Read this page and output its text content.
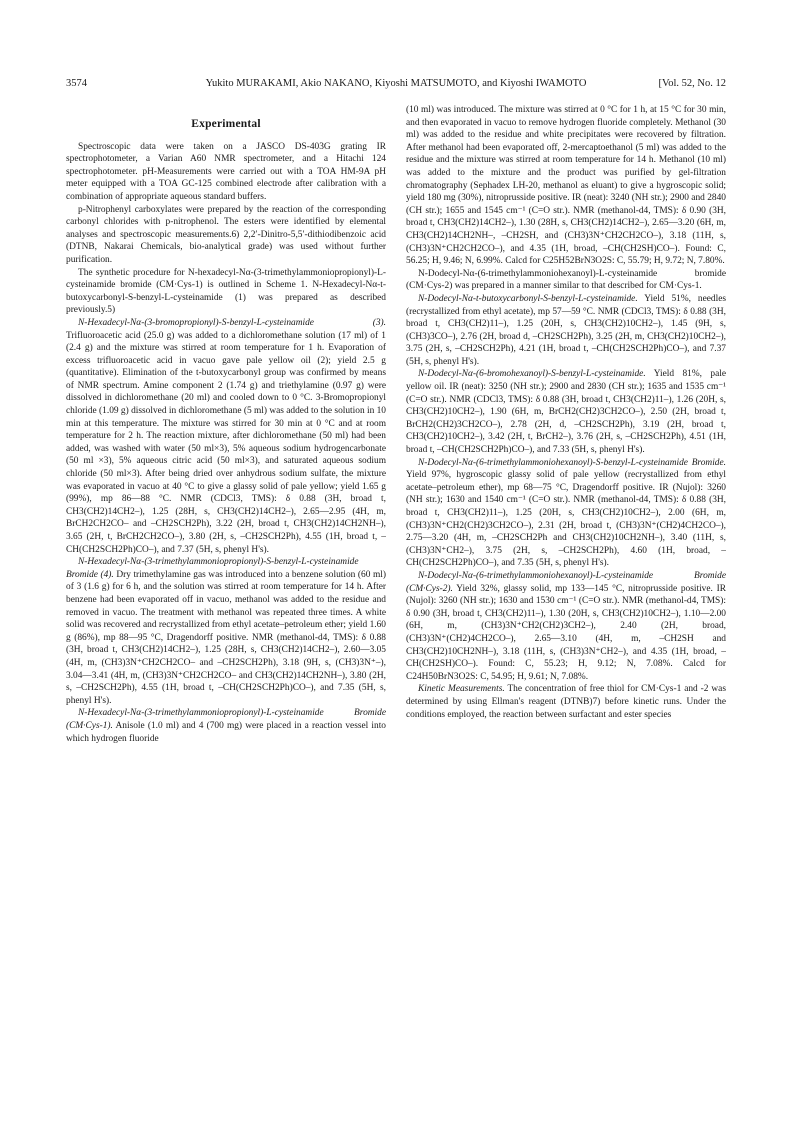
3574	Yukito MURAKAMI, Akio NAKANO, Kiyoshi MATSUMOTO, and Kiyoshi IWAMOTO	[Vol. 52, No. 12
Experimental

Spectroscopic data were taken on a JASCO DS-403G grating IR spectrophotometer, a Varian A60 NMR spectrometer, and a Hitachi 124 spectrophotometer. pH-Measurements were carried out with a TOA HM-9A pH meter equipped with a TOA GC-125 combined electrode after calibration with a combination of appropriate aqueous standard buffers.

p-Nitrophenyl carboxylates were prepared by the reaction of the corresponding carbonyl chlorides with p-nitrophenol. The esters were identified by elemental analyses and spectroscopic measurements.6) 2,2′-Dinitro-5,5′-dithiodibenzoic acid (DTNB, Nakarai Chemicals, bio-analytical grade) was used without further purification.

The synthetic procedure for N-hexadecyl-Nα-(3-trimethylammoniopropionyl)-L-cysteinamide bromide (CM·Cys-1) is outlined in Scheme 1. N-Hexadecyl-Nα-t-butoxycarbonyl-S-benzyl-L-cysteinamide (1) was prepared as described previously.5)

N-Hexadecyl-Nα-(3-bromopropionyl)-S-benzyl-L-cysteinamide (3). Trifluoroacetic acid (25.0 g) was added to a dichloromethane solution (17 ml) of 1 (2.4 g) and the mixture was stirred at room temperature for 1 h. Evaporation of excess trifluoroacetic acid in vacuo gave pale yellow oil (2); yield 2.5 g (quantitative). Elimination of the t-butoxycarbonyl group was confirmed by means of NMR spectrum. Amine component 2 (1.74 g) and triethylamine (0.97 g) were dissolved in dichloromethane (20 ml) and cooled down to 0 °C. 3-Bromopropionyl chloride (1.09 g) dissolved in dichloromethane (5 ml) was added to the solution in 10 min at this temperature. The mixture was stirred for 30 min at 0 °C and at room temperature for 2 h. The reaction mixture, after dichloromethane (50 ml) had been added, was washed with water (50 ml×3), 5% aqueous sodium hydrogencarbonate (50 ml ×3), 5% aqueous citric acid (50 ml×3), and saturated aqueous sodium chloride (50 ml×3). After being dried over anhydrous sodium sulfate, the mixture was evaporated in vacuo at 40 °C to give a glassy solid of pale yellow; yield 1.65 g (99%), mp 86—88 °C. NMR (CDCl3, TMS): δ 0.88 (3H, broad t, CH3(CH2)14CH2–), 1.25 (28H, s, CH3(CH2)14CH2–), 2.65—2.95 (4H, m, BrCH2CH2CO– and –CH2SCH2Ph), 3.22 (2H, broad t, CH3(CH2)14CH2NH–), 3.65 (2H, t, BrCH2CH2CO–), 3.80 (2H, s, –CH2SCH2Ph), 4.55 (1H, broad t, –CH(CH2SCH2Ph)CO–), and 7.37 (5H, s, phenyl H's).

N-Hexadecyl-Nα-(3-trimethylammoniopropionyl)-S-benzyl-L-cysteinamide Bromide (4). Dry trimethylamine gas was introduced into a benzene solution (60 ml) of 3 (1.6 g) for 6 h, and the solution was stirred at room temperature for 14 h. After benzene had been evaporated off in vacuo, methanol was added to the residue and removed in vacuo. The treatment with methanol was repeated three times. A white solid was recovered and recrystallized from ethyl acetate–petroleum ether; yield 1.60 g (86%), mp 88—95 °C, Dragendorff positive. NMR (methanol-d4, TMS): δ 0.88 (3H, broad t, CH3(CH2)14CH2–), 1.25 (28H, s, CH3(CH2)14CH2–), 2.60—3.05 (4H, m, (CH3)3N⁺CH2CH2CO– and –CH2SCH2Ph), 3.18 (9H, s, (CH3)3N⁺–), 3.04—3.41 (4H, m, (CH3)3N⁺CH2CH2CO– and CH3(CH2)14CH2NH–), 3.80 (2H, s, –CH2SCH2Ph), 4.55 (1H, broad t, –CH(CH2SCH2Ph)CO–), and 7.35 (5H, s, phenyl H's).

N-Hexadecyl-Nα-(3-trimethylammoniopropionyl)-L-cysteinamide Bromide (CM·Cys-1). Anisole (1.0 ml) and 4 (700 mg) were placed in a reaction vessel into which hydrogen fluoride

(10 ml) was introduced. The mixture was stirred at 0 °C for 1 h, at 15 °C for 30 min, and then evaporated in vacuo to remove hydrogen fluoride completely. Methanol (30 ml) was added to the residue and white precipitates were recovered by filtration. After methanol had been evaporated off, 2-mercaptoethanol (5 ml) was added to the residue and the mixture was stirred at room temperature for 14 h. Methanol (10 ml) was added to the mixture and the product was purified by gel-filtration chromatography (Sephadex LH-20, methanol as eluant) to give a hygroscopic solid; yield 180 mg (30%), nitroprusside positive. IR (neat): 3240 (NH str.); 2900 and 2840 (CH str.); 1655 and 1545 cm⁻¹ (C=O str.). NMR (methanol-d4, TMS): δ 0.90 (3H, broad t, CH3(CH2)14CH2–), 1.30 (28H, s, CH3(CH2)14CH2–), 2.65—3.20 (6H, m, CH3(CH2)14CH2NH–, –CH2SH, and (CH3)3N⁺CH2CH2CO–), 3.18 (11H, s, (CH3)3N⁺CH2CH2CO–), and 4.35 (1H, broad, –CH(CH2SH)CO–). Found: C, 56.25; H, 9.46; N, 6.99%. Calcd for C25H52BrN3O2S: C, 55.79; H, 9.72; N, 7.80%.

N-Dodecyl-Nα-(6-trimethylammoniohexanoyl)-L-cysteinamide bromide (CM·Cys-2) was prepared in a manner similar to that described for CM·Cys-1.

N-Dodecyl-Nα-t-butoxycarbonyl-S-benzyl-L-cysteinamide. Yield 51%, needles (recrystallized from ethyl acetate), mp 57—59 °C. NMR (CDCl3, TMS): δ 0.88 (3H, broad t, CH3(CH2)11–), 1.25 (20H, s, CH3(CH2)10CH2–), 1.45 (9H, s, (CH3)3CO–), 2.76 (2H, broad d, –CH2SCH2Ph), 3.25 (2H, m, CH3(CH2)10CH2–), 3.75 (2H, s, –CH2SCH2Ph), 4.21 (1H, broad t, –CH(CH2SCH2Ph)CO–), and 7.37 (5H, s, phenyl H's).

N-Dodecyl-Nα-(6-bromohexanoyl)-S-benzyl-L-cysteinamide. Yield 81%, pale yellow oil. IR (neat): 3250 (NH str.); 2900 and 2830 (CH str.); 1635 and 1535 cm⁻¹ (C=O str.). NMR (CDCl3, TMS): δ 0.88 (3H, broad t, CH3(CH2)11–), 1.26 (20H, s, CH3(CH2)10CH2–), 1.90 (6H, m, BrCH2(CH2)3CH2CO–), 2.50 (2H, broad t, BrCH2(CH2)3CH2CO–), 2.78 (2H, d, –CH2SCH2Ph), 3.19 (2H, broad t, CH3(CH2)10CH2–), 3.42 (2H, t, BrCH2–), 3.76 (2H, s, –CH2SCH2Ph), 4.51 (1H, broad t, –CH(CH2SCH2Ph)CO–), and 7.33 (5H, s, phenyl H's).

N-Dodecyl-Nα-(6-trimethylammoniohexanoyl)-S-benzyl-L-cysteinamide Bromide. Yield 97%, hygroscopic glassy solid of pale yellow (recrystallized from ethyl acetate–petroleum ether), mp 68—75 °C, Dragendorff positive. IR (Nujol): 3260 (NH str.); 1630 and 1540 cm⁻¹ (C=O str.). NMR (methanol-d4, TMS): δ 0.88 (3H, broad t, CH3(CH2)11–), 1.25 (20H, s, CH3(CH2)10CH2–), 2.00 (6H, m, (CH3)3N⁺CH2(CH2)3CH2CO–), 2.31 (2H, broad t, (CH3)3N⁺(CH2)4CH2CO–), 2.75—3.20 (4H, m, –CH2SCH2Ph and CH3(CH2)10CH2NH–), 3.40 (11H, s, (CH3)3N⁺CH2–), 3.75 (2H, s, –CH2SCH2Ph), 4.60 (1H, broad, –CH(CH2SCH2Ph)CO–), and 7.35 (5H, s, phenyl H's).

N-Dodecyl-Nα-(6-trimethylammoniohexanoyl)-L-cysteinamide Bromide (CM·Cys-2). Yield 32%, glassy solid, mp 133—145 °C, nitroprusside positive. IR (Nujol): 3260 (NH str.); 1630 and 1530 cm⁻¹ (C=O str.). NMR (methanol-d4, TMS): δ 0.90 (3H, broad t, CH3(CH2)11–), 1.30 (20H, s, CH3(CH2)10CH2–), 1.10—2.00 (6H, m, (CH3)3N⁺CH2(CH2)3CH2–), 2.40 (2H, broad, (CH3)3N⁺(CH2)4CH2CO–), 2.65—3.10 (4H, m, –CH2SH and CH3(CH2)10CH2NH–), 3.18 (11H, s, (CH3)3N⁺CH2–), and 4.35 (1H, broad, –CH(CH2SH)CO–). Found: C, 55.23; H, 9.12; N, 7.08%. Calcd for C24H50BrN3O2S: C, 54.95; H, 9.61; N, 7.08%.

Kinetic Measurements. The concentration of free thiol for CM·Cys-1 and -2 was determined by using Ellman's reagent (DTNB)7) before kinetic runs. Under the conditions employed, the reaction between surfactant and ester species
